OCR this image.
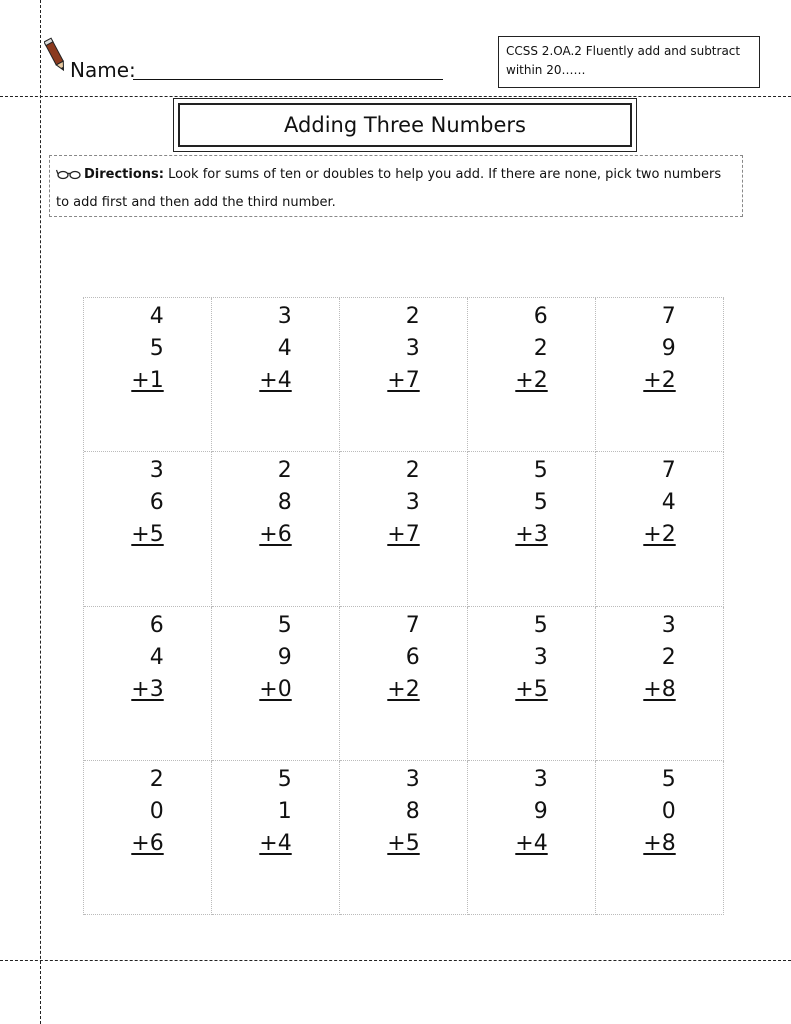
Name:
CCSS 2.OA.2 Fluently add and subtract
within 20……
Adding Three Numbers
Directions: Look for sums of ten or doubles to help you add. If there are none, pick two numbers to add first and then add the third number.
4
5
+1
3
4
+4
2
3
+7
6
2
+2
7
9
+2
3
6
+5
2
8
+6
2
3
+7
5
5
+3
7
4
+2
6
4
+3
5
9
+0
7
6
+2
5
3
+5
3
2
+8
2
0
+6
5
1
+4
3
8
+5
3
9
+4
5
0
+8
